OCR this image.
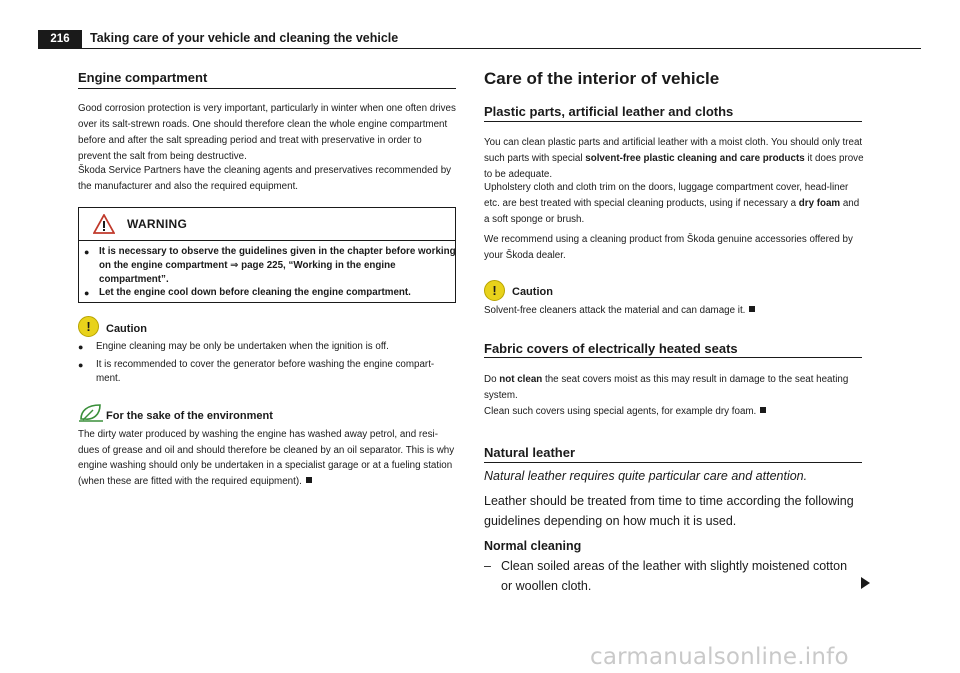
216	Taking care of your vehicle and cleaning the vehicle
Engine compartment

Good corrosion protection is very important, particularly in winter when one often drives over its salt-strewn roads. One should therefore clean the whole engine compartment before and after the salt spreading period and treat with preservative in order to prevent the salt from being destructive.

Škoda Service Partners have the cleaning agents and preservatives recommended by the manufacturer and also the required equipment.

WARNING
● It is necessary to observe the guidelines given in the chapter before working on the engine compartment ⇒ page 225, “Working in the engine compartment”.
● Let the engine cool down before cleaning the engine compartment.
!	Caution
● Engine cleaning may be only be undertaken when the ignition is off.
● It is recommended to cover the generator before washing the engine compart-ment.
For the sake of the environment

The dirty water produced by washing the engine has washed away petrol, and resi-dues of grease and oil and should therefore be cleaned by an oil separator. This is why engine washing should only be undertaken in a specialist garage or at a fueling station (when these are fitted with the required equipment).

Care of the interior of vehicle
Plastic parts, artificial leather and cloths

You can clean plastic parts and artificial leather with a moist cloth. You should only treat such parts with special solvent-free plastic cleaning and care products it does prove to be adequate.

Upholstery cloth and cloth trim on the doors, luggage compartment cover, head-liner etc. are best treated with special cleaning products, using if necessary a dry foam and a soft sponge or brush.

We recommend using a cleaning product from Škoda genuine accessories offered by your Škoda dealer.

!	Caution

Solvent-free cleaners attack the material and can damage it.

Fabric covers of electrically heated seats

Do not clean the seat covers moist as this may result in damage to the seat heating system.

Clean such covers using special agents, for example dry foam.

Natural leather

Natural leather requires quite particular care and attention.

Leather should be treated from time to time according the following guidelines depending on how much it is used.

Normal cleaning
– Clean soiled areas of the leather with slightly moistened cotton or woollen cloth.
carmanualsonline.info
